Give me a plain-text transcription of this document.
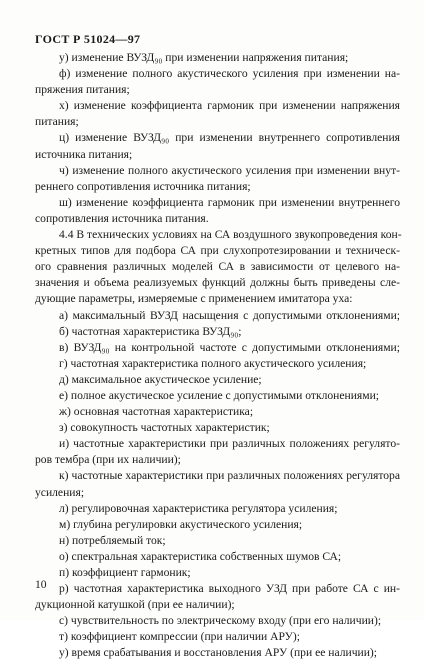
ГОСТ Р 51024—97
у) изменение ВУЗД₉₀ при изменении напряжения питания;
ф) изменение полного акустического усиления при изменении на-
пряжения питания;
х) изменение коэффициента гармоник при изменении напряжения
питания;
ц) изменение ВУЗД₉₀ при изменении внутреннего сопротивления
источника питания;
ч) изменение полного акустического усиления при изменении внут-
реннего сопротивления источника питания;
ш) изменение коэффициента гармоник при изменении внутреннего
сопротивления источника питания.
4.4 В технических условиях на СА воздушного звукопроведения кон-
кретных типов для подбора СА при слухопротезировании и техническ-
ого сравнения различных моделей СА в зависимости от целевого на-
значения и объема реализуемых функций должны быть приведены сле-
дующие параметры, измеряемые с применением имитатора уха:
а) максимальный ВУЗД насыщения с допустимыми отклонениями;
б) частотная характеристика ВУЗД₉₀;
в) ВУЗД₉₀ на контрольной частоте с допустимыми отклонениями;
г) частотная характеристика полного акустического усиления;
д) максимальное акустическое усиление;
е) полное акустическое усиление с допустимыми отклонениями;
ж) основная частотная характеристика;
з) совокупность частотных характеристик;
и) частотные характеристики при различных положениях регулято-
ров тембра (при их наличии);
к) частотные характеристики при различных положениях регулятора
усиления;
л) регулировочная характеристика регулятора усиления;
м) глубина регулировки акустического усиления;
н) потребляемый ток;
о) спектральная характеристика собственных шумов СА;
п) коэффициент гармоник;
р) частотная характеристика выходного УЗД при работе СА с ин-
дукционной катушкой (при ее наличии);
с) чувствительность по электрическому входу (при его наличии);
т) коэффициент компрессии (при наличии АРУ);
у) время срабатывания и восстановления АРУ (при ее наличии);
10
